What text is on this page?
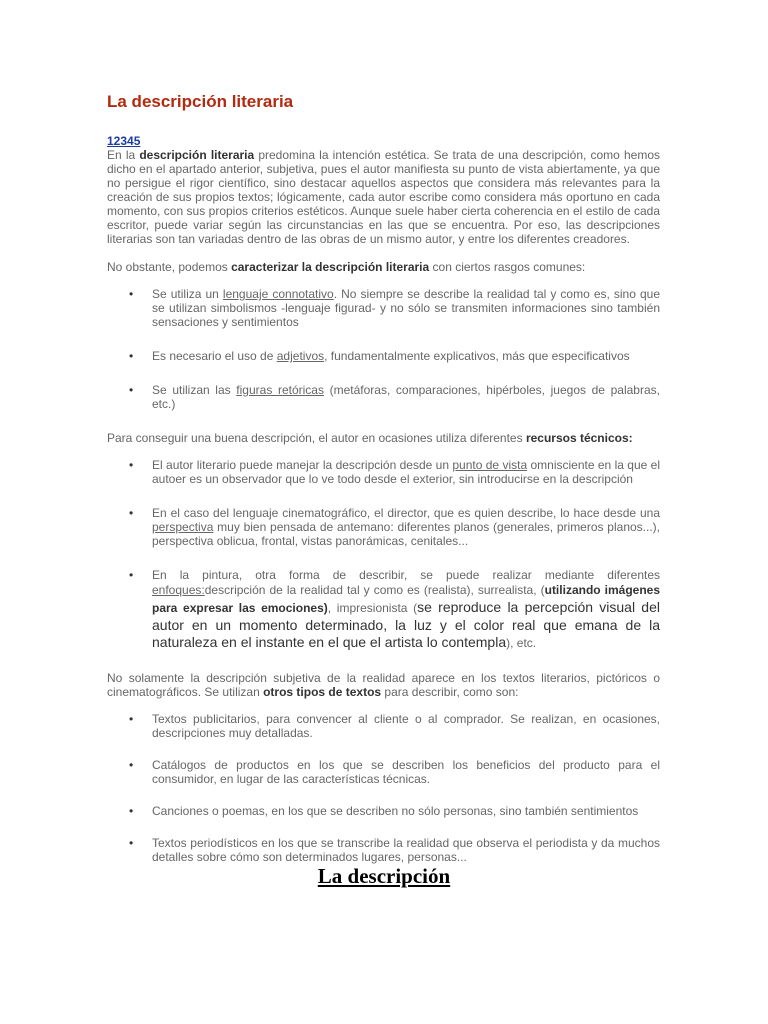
La descripción literaria
12345

En la descripción literaria predomina la intención estética. Se trata de una descripción, como hemos dicho en el apartado anterior, subjetiva, pues el autor manifiesta su punto de vista abiertamente, ya que no persigue el rigor científico, sino destacar aquellos aspectos que considera más relevantes para la creación de sus propios textos; lógicamente, cada autor escribe como considera más oportuno en cada momento, con sus propios criterios estéticos. Aunque suele haber cierta coherencia en el estilo de cada escritor, puede variar según las circunstancias en las que se encuentra. Por eso, las descripciones literarias son tan variadas dentro de las obras de un mismo autor, y entre los diferentes creadores.

No obstante, podemos caracterizar la descripción literaria con ciertos rasgos comunes:

• Se utiliza un lenguaje connotativo. No siempre se describe la realidad tal y como es, sino que se utilizan simbolismos -lenguaje figurad- y no sólo se transmiten informaciones sino también sensaciones y sentimientos
• Es necesario el uso de adjetivos, fundamentalmente explicativos, más que especificativos
• Se utilizan las figuras retóricas (metáforas, comparaciones, hipérboles, juegos de palabras, etc.)

Para conseguir una buena descripción, el autor en ocasiones utiliza diferentes recursos técnicos:

• El autor literario puede manejar la descripción desde un punto de vista omnisciente en la que el autoer es un observador que lo ve todo desde el exterior, sin introducirse en la descripción
• En el caso del lenguaje cinematográfico, el director, que es quien describe, lo hace desde una perspectiva muy bien pensada de antemano: diferentes planos (generales, primeros planos...), perspectiva oblicua, frontal, vistas panorámicas, cenitales...
• En la pintura, otra forma de describir, se puede realizar mediante diferentes enfoques:descripción de la realidad tal y como es (realista), surrealista, (utilizando imágenes para expresar las emociones), impresionista (se reproduce la percepción visual del autor en un momento determinado, la luz y el color real que emana de la naturaleza en el instante en el que el artista lo contempla), etc.

No solamente la descripción subjetiva de la realidad aparece en los textos literarios, pictóricos o cinematográficos. Se utilizan otros tipos de textos para describir, como son:

• Textos publicitarios, para convencer al cliente o al comprador. Se realizan, en ocasiones, descripciones muy detalladas.
• Catálogos de productos en los que se describen los beneficios del producto para el consumidor, en lugar de las características técnicas.
• Canciones o poemas, en los que se describen no sólo personas, sino también sentimientos
• Textos periodísticos en los que se transcribe la realidad que observa el periodista y da muchos detalles sobre cómo son determinados lugares, personas...
La descripción
